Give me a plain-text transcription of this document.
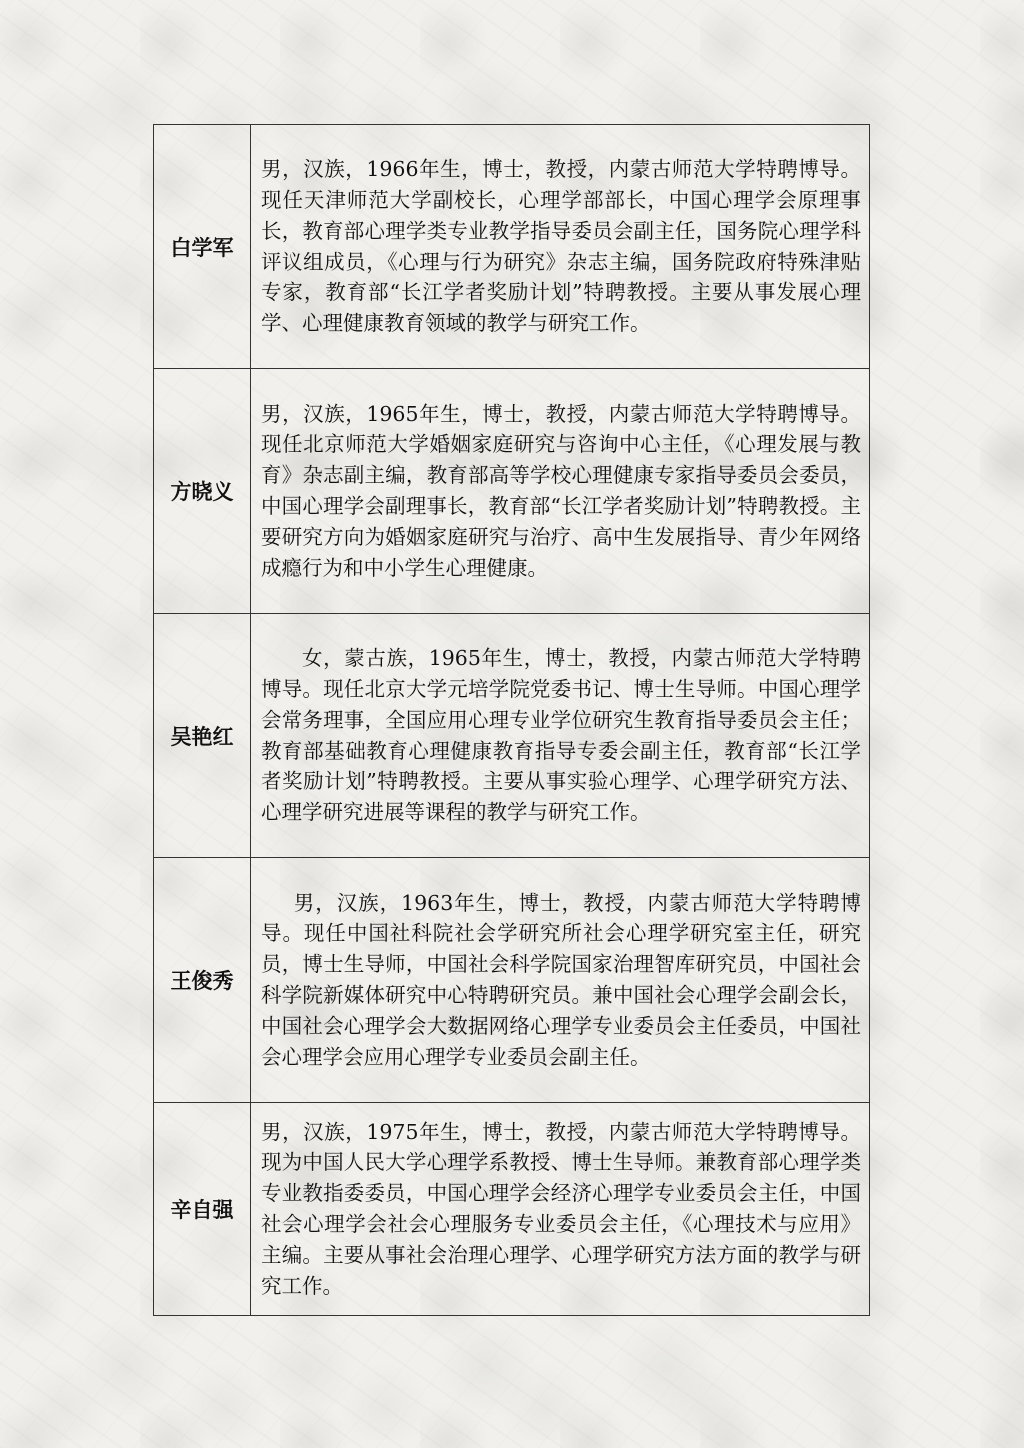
白学军	男，汉族，1966年生，博士，教授，内蒙古师范大学特聘博导。现任天津师范大学副校长，心理学部部长，中国心理学会原理事长，教育部心理学类专业教学指导委员会副主任，国务院心理学科评议组成员，《心理与行为研究》杂志主编，国务院政府特殊津贴专家，教育部“长江学者奖励计划”特聘教授。主要从事发展心理学、心理健康教育领域的教学与研究工作。
方晓义	男，汉族，1965年生，博士，教授，内蒙古师范大学特聘博导。现任北京师范大学婚姻家庭研究与咨询中心主任，《心理发展与教育》杂志副主编，教育部高等学校心理健康专家指导委员会委员，中国心理学会副理事长，教育部“长江学者奖励计划”特聘教授。主要研究方向为婚姻家庭研究与治疗、高中生发展指导、青少年网络成瘾行为和中小学生心理健康。
吴艳红	女，蒙古族，1965年生，博士，教授，内蒙古师范大学特聘博导。现任北京大学元培学院党委书记、博士生导师。中国心理学会常务理事，全国应用心理专业学位研究生教育指导委员会主任；教育部基础教育心理健康教育指导专委会副主任，教育部“长江学者奖励计划”特聘教授。主要从事实验心理学、心理学研究方法、心理学研究进展等课程的教学与研究工作。
王俊秀	男，汉族，1963年生，博士，教授，内蒙古师范大学特聘博导。现任中国社科院社会学研究所社会心理学研究室主任，研究员，博士生导师，中国社会科学院国家治理智库研究员，中国社会科学院新媒体研究中心特聘研究员。兼中国社会心理学会副会长，中国社会心理学会大数据网络心理学专业委员会主任委员，中国社会心理学会应用心理学专业委员会副主任。
辛自强	男，汉族，1975年生，博士，教授，内蒙古师范大学特聘博导。现为中国人民大学心理学系教授、博士生导师。兼教育部心理学类专业教指委委员，中国心理学会经济心理学专业委员会主任，中国社会心理学会社会心理服务专业委员会主任，《心理技术与应用》主编。主要从事社会治理心理学、心理学研究方法方面的教学与研究工作。
